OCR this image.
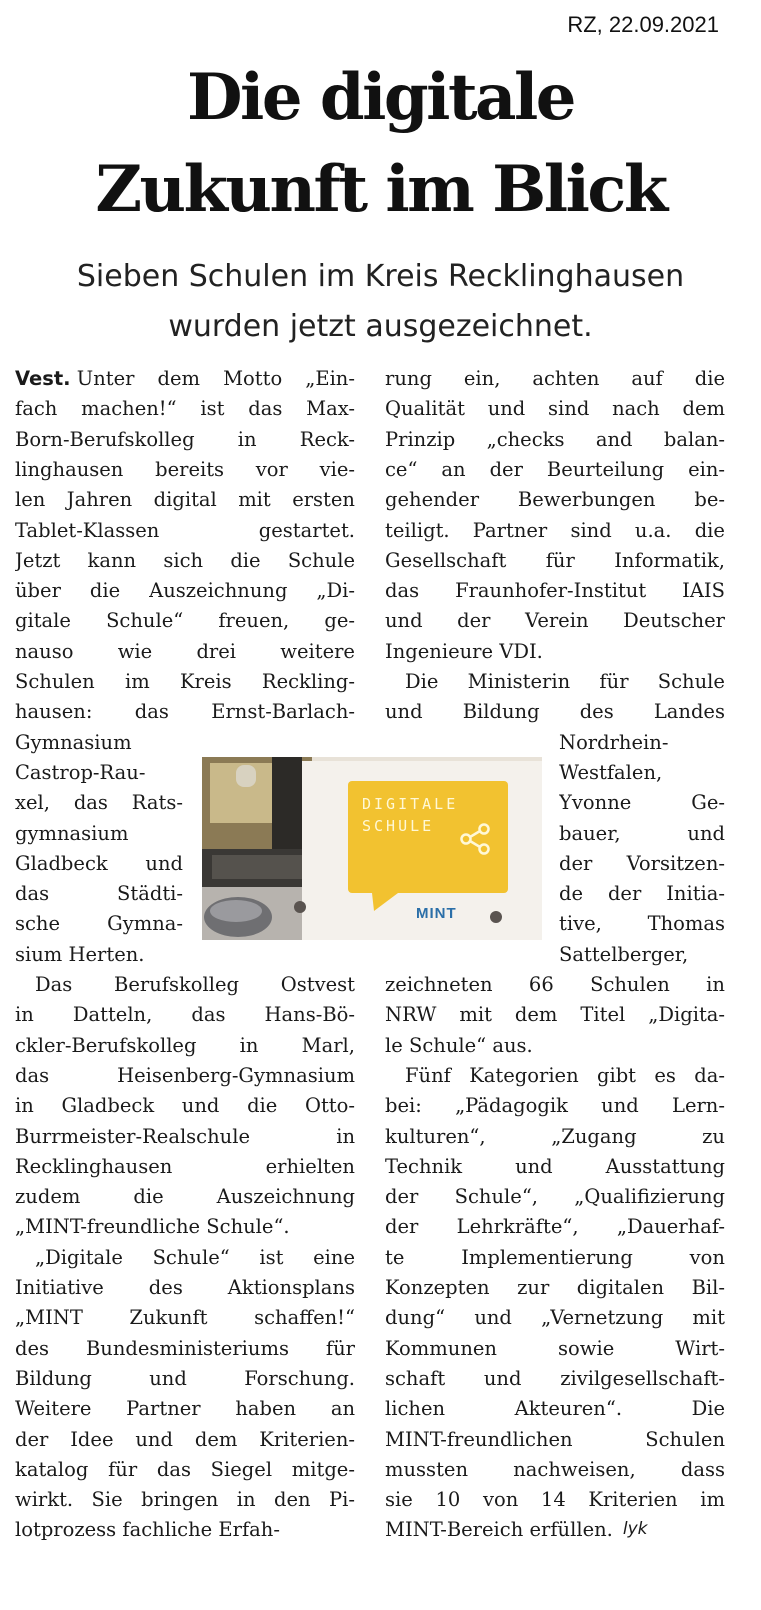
RZ, 22.09.2021
Die digitale
Zukunft im Blick
Sieben Schulen im Kreis Recklinghausen
wurden jetzt ausgezeichnet.
DIGITALE
SCHULE
MINT
Vest.
Unter dem Motto „Ein-
fach machen!“ ist das Max-
Born-Berufskolleg in Reck-
linghausen bereits vor vie-
len Jahren digital mit ersten
Tablet-Klassen	gestartet.
Jetzt kann sich die Schule
über die Auszeichnung „Di-
gitale Schule“ freuen, ge-
nauso wie drei weitere
Schulen im Kreis Reckling-
hausen: das Ernst-Barlach-
Gymnasium
Castrop-Rau-
xel, das Rats-
gymnasium
Gladbeck und
das	Städti-
sche Gymna-
sium Herten.
Das Berufskolleg Ostvest
in Datteln, das Hans-Bö-
ckler-Berufskolleg in Marl,
das	Heisenberg-Gymnasium
in Gladbeck und die Otto-
Burrmeister-Realschule	in
Recklinghausen	erhielten
zudem	die	Auszeichnung
„MINT-freundliche Schule“.
„Digitale Schule“ ist eine
Initiative des Aktionsplans
„MINT Zukunft schaffen!“
des Bundesministeriums für
Bildung	und	Forschung.
Weitere Partner haben an
der Idee und dem Kriterien-
katalog für das Siegel mitge-
wirkt. Sie bringen in den Pi-
lotprozess fachliche Erfah-
rung ein, achten auf die
Qualität und sind nach dem
Prinzip „checks and balan-
ce“ an der Beurteilung ein-
gehender Bewerbungen be-
teiligt. Partner sind u.a. die
Gesellschaft für Informatik,
das Fraunhofer-Institut IAIS
und der Verein Deutscher
Ingenieure VDI.
Die Ministerin für Schule
und Bildung des Landes
Nordrhein-
Westfalen,
Yvonne	Ge-
bauer,	und
der Vorsitzen-
de der Initia-
tive, Thomas
Sattelberger,
zeichneten 66 Schulen in
NRW mit dem Titel „Digita-
le Schule“ aus.
Fünf Kategorien gibt es da-
bei: „Pädagogik und Lern-
kulturen“,	„Zugang	zu
Technik	und	Ausstattung
der Schule“, „Qualifizierung
der Lehrkräfte“, „Dauerhaf-
te	Implementierung	von
Konzepten zur digitalen Bil-
dung“ und „Vernetzung mit
Kommunen	sowie	Wirt-
schaft und zivilgesellschaft-
lichen	Akteuren“.	Die
MINT-freundlichen	Schulen
mussten nachweisen, dass
sie 10 von 14 Kriterien im
MINT-Bereich erfüllen. lyk
